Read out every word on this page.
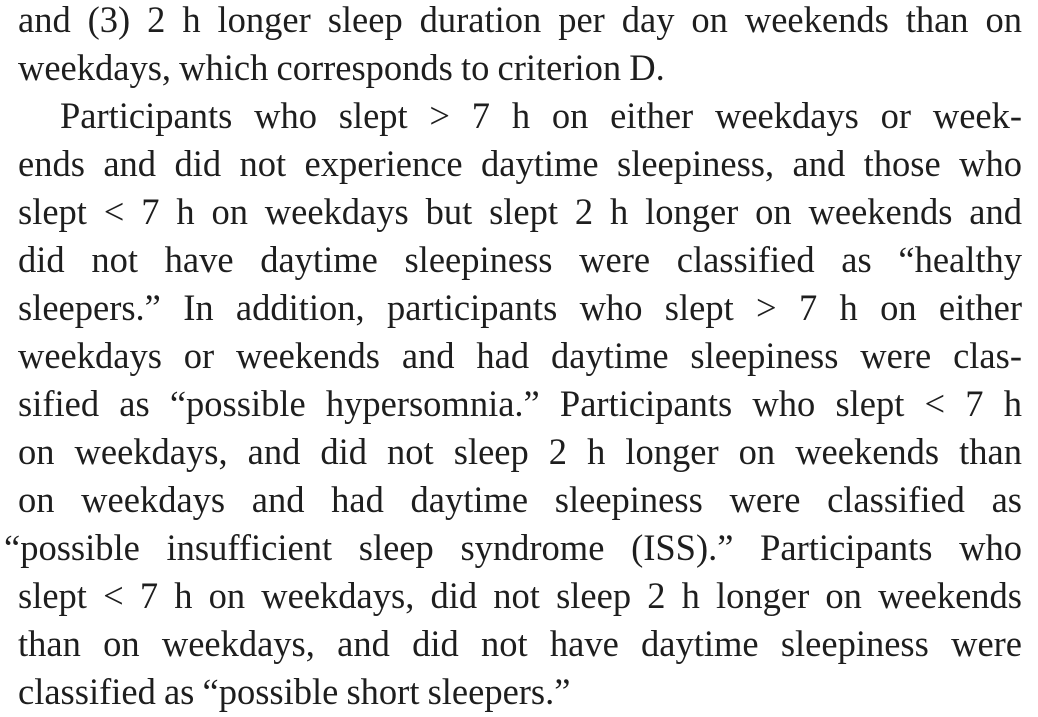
and (3) 2 h longer sleep duration per day on weekends than on
weekdays, which corresponds to criterion D.
Participants who slept > 7 h on either weekdays or week-
ends and did not experience daytime sleepiness, and those who
slept < 7 h on weekdays but slept 2 h longer on weekends and
did not have daytime sleepiness were classified as “healthy
sleepers.” In addition, participants who slept > 7 h on either
weekdays or weekends and had daytime sleepiness were clas-
sified as “possible hypersomnia.” Participants who slept < 7 h
on weekdays, and did not sleep 2 h longer on weekends than
on weekdays and had daytime sleepiness were classified as
“possible insufficient sleep syndrome (ISS).” Participants who
slept < 7 h on weekdays, did not sleep 2 h longer on weekends
than on weekdays, and did not have daytime sleepiness were
classified as “possible short sleepers.”
